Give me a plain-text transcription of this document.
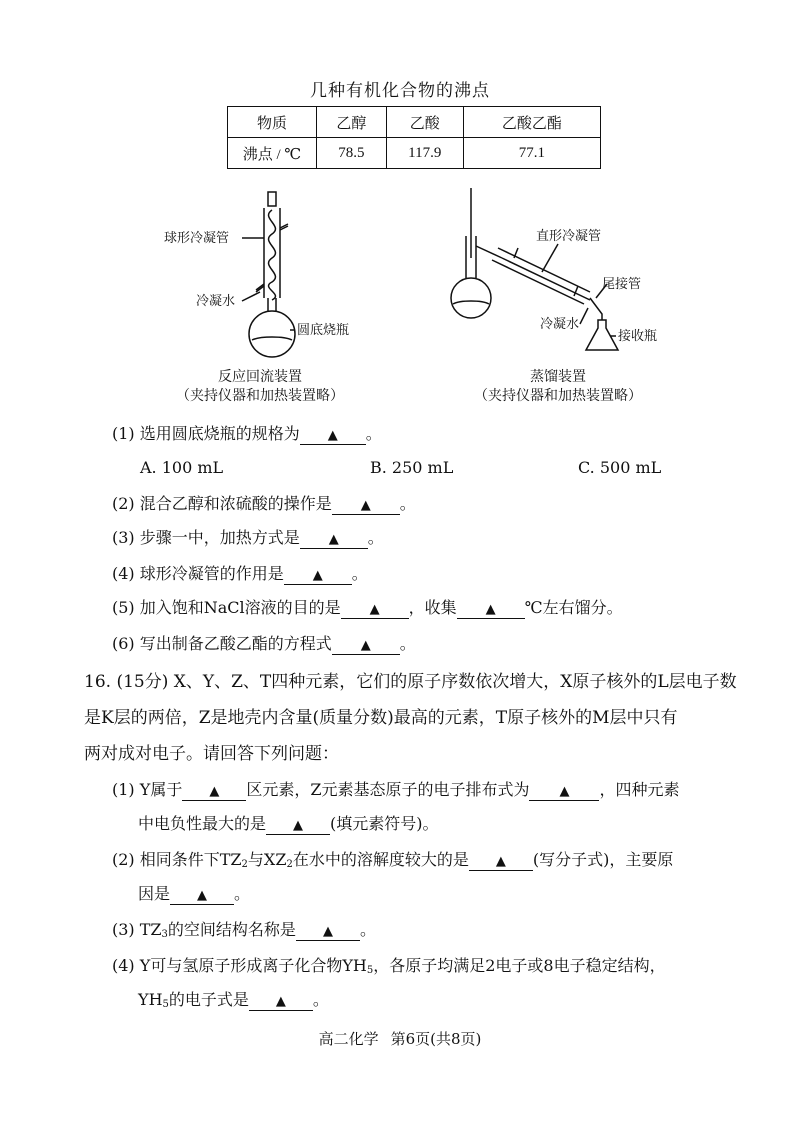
几种有机化合物的沸点
物质	乙醇	乙酸	乙酸乙酯
沸点 / ℃	78.5	117.9	77.1
球形冷凝管
冷凝水
圆底烧瓶
反应回流装置
（夹持仪器和加热装置略）
直形冷凝管
尾接管
冷凝水
接收瓶
蒸馏装置
（夹持仪器和加热装置略）
(1) 选用圆底烧瓶的规格为 ▲ 。
A. 100 mL	B. 250 mL	C. 500 mL
(2) 混合乙醇和浓硫酸的操作是 ▲ 。
(3) 步骤一中，加热方式是 ▲ 。
(4) 球形冷凝管的作用是 ▲ 。
(5) 加入饱和NaCl溶液的目的是 ▲ ，收集 ▲ ℃左右馏分。
(6) 写出制备乙酸乙酯的方程式 ▲ 。
16. (15分) X、Y、Z、T四种元素，它们的原子序数依次增大，X原子核外的L层电子数
是K层的两倍，Z是地壳内含量(质量分数)最高的元素，T原子核外的M层中只有
两对成对电子。请回答下列问题：
(1) Y属于 ▲ 区元素，Z元素基态原子的电子排布式为 ▲ ，四种元素
中电负性最大的是 ▲ (填元素符号)。
(2) 相同条件下$TZ_2$与$XZ_2$在水中的溶解度较大的是 ▲ (写分子式)，主要原
因是 ▲ 。
(3) $TZ_3$的空间结构名称是 ▲ 。
(4) Y可与氢原子形成离子化合物$YH_5$，各原子均满足2电子或8电子稳定结构，
$YH_5$的电子式是 ▲ 。
高二化学 第6页(共8页)
